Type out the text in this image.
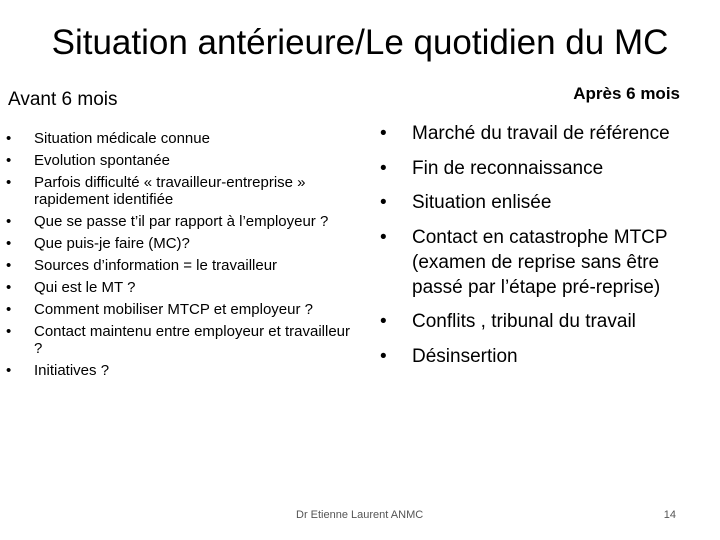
Situation antérieure/Le quotidien du MC
Avant 6 mois	Après 6 mois
• Situation médicale connue
• Evolution spontanée
• Parfois difficulté « travailleur-entreprise » rapidement identifiée
• Que se passe t’il par rapport à l’employeur ?
• Que puis-je faire (MC)?
• Sources d’information = le travailleur
• Qui est le MT ?
• Comment mobiliser MTCP et employeur ?
• Contact maintenu entre employeur et travailleur ?
• Initiatives ?
• Marché du travail de référence
• Fin de reconnaissance
• Situation enlisée
• Contact en catastrophe MTCP (examen de reprise sans être passé par l’étape pré-reprise)
• Conflits , tribunal du travail
• Désinsertion
Dr Etienne Laurent ANMC	14
